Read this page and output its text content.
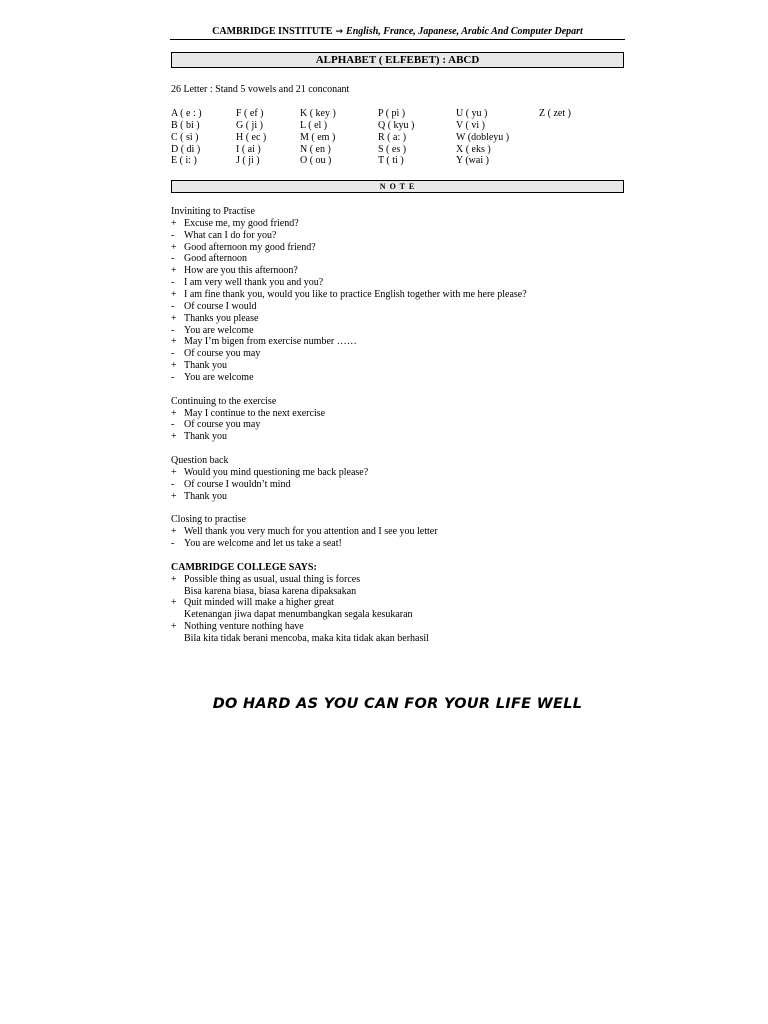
CAMBRIDGE INSTITUTE → English, France, Japanese, Arabic And Computer Depart
ALPHABET ( ELFEBET) : ABCD
26 Letter : Stand 5 vowels and 21 conconant
A ( e : )
B ( bi )
C ( si )
D ( di )
E ( i: )
F ( ef )
G ( ji )
H ( ec )
I ( ai )
J ( ji )
K ( key )
L ( el )
M ( em )
N ( en )
O ( ou )
P ( pi )
Q ( kyu )
R ( a: )
S ( es )
T ( ti )
U ( yu )
V ( vi )
W (dobleyu )
X ( eks )
Y (wai )
Z ( zet )
N O T E
Inviniting to Practise
+ Excuse me, my good friend?
- What can I do for you?
+ Good afternoon my good friend?
- Good afternoon
+ How are you this afternoon?
- I am very well thank you and you?
+ I am fine thank you, would you like to practice English together with me here please?
- Of course I would
+ Thanks you please
- You are welcome
+ May I’m bigen from exercise number ……
- Of course you may
+ Thank you
- You are welcome
Continuing to the exercise
+ May I continue to the next exercise
- Of course you may
+ Thank you
Question back
+ Would you mind questioning me back please?
- Of course I wouldn’t mind
+ Thank you
Closing to practise
+ Well thank you very much for you attention and I see you letter
- You are welcome and let us take a seat!
CAMBRIDGE COLLEGE SAYS:
+ Possible thing as usual, usual thing is forces
Bisa karena biasa, biasa karena dipaksakan
+ Quit minded will make a higher great
Ketenangan jiwa dapat menumbangkan segala kesukaran
+ Nothing venture nothing have
Bila kita tidak berani mencoba, maka kita tidak akan berhasil
DO HARD AS YOU CAN FOR YOUR LIFE WELL
